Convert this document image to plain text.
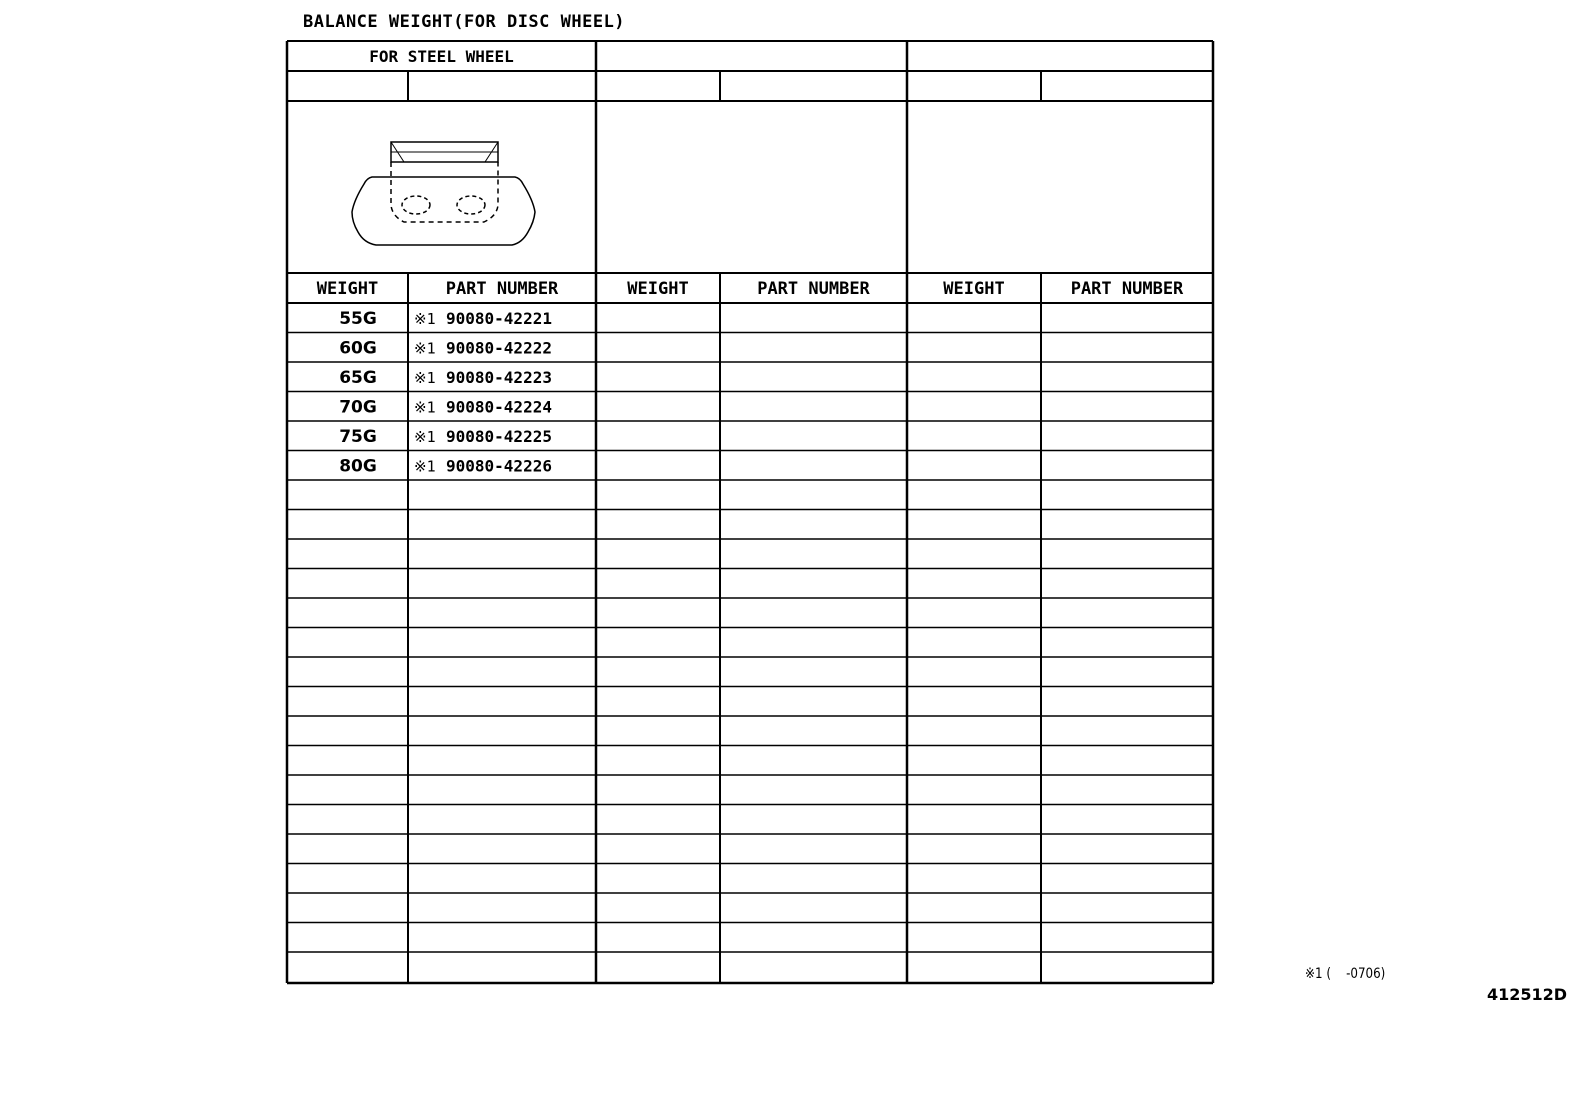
BALANCE WEIGHT(FOR DISC WHEEL)
FOR STEEL WHEEL
WEIGHT	PART NUMBER	WEIGHT	PART NUMBER	WEIGHT	PART NUMBER
55G ※1 90080-42221
60G ※1 90080-42222
65G ※1 90080-42223
70G ※1 90080-42224
75G ※1 90080-42225
80G ※1 90080-42226
※1 (    -0706)
412512D
